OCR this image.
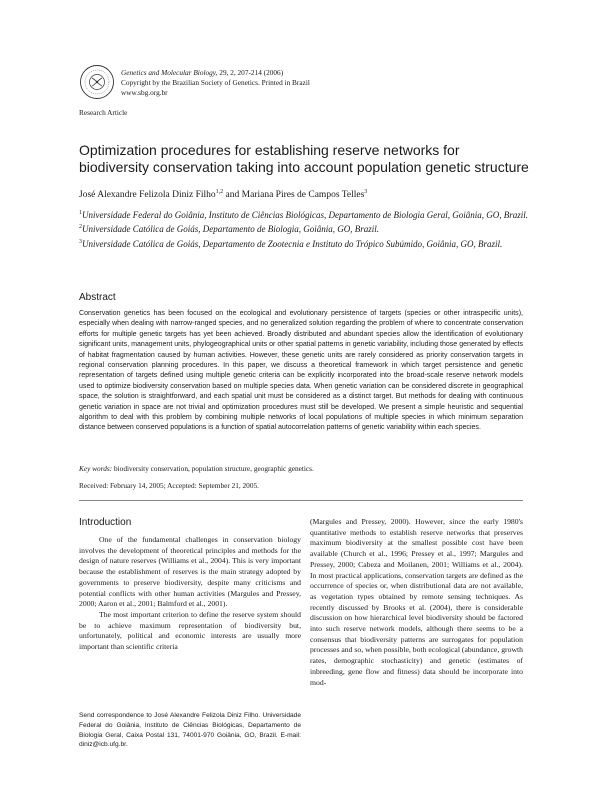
Genetics and Molecular Biology, 29, 2, 207-214 (2006)
Copyright by the Brazilian Society of Genetics. Printed in Brazil
www.sbg.org.br
Research Article
Optimization procedures for establishing reserve networks for biodiversity conservation taking into account population genetic structure
José Alexandre Felizola Diniz Filho$^{1,2}$ and Mariana Pires de Campos Telles$^3$
$^1$Universidade Federal do Goiânia, Instituto de Ciências Biológicas, Departamento de Biologia Geral, Goiânia, GO, Brazil.
$^2$Universidade Católica de Goiás, Departamento de Biologia, Goiânia, GO, Brazil.
$^3$Universidade Católica de Goiás, Departamento de Zootecnia e Instituto do Trópico Subúmido, Goiânia, GO, Brazil.
Abstract

Conservation genetics has been focused on the ecological and evolutionary persistence of targets (species or other intraspecific units), especially when dealing with narrow-ranged species, and no generalized solution regarding the problem of where to concentrate conservation efforts for multiple genetic targets has yet been achieved. Broadly distributed and abundant species allow the identification of evolutionary significant units, management units, phylogeographical units or other spatial patterns in genetic variability, including those generated by effects of habitat fragmentation caused by human activities. However, these genetic units are rarely considered as priority conservation targets in regional conservation planning procedures. In this paper, we discuss a theoretical framework in which target persistence and genetic representation of targets defined using multiple genetic criteria can be explicitly incorporated into the broad-scale reserve network models used to optimize biodiversity conservation based on multiple species data. When genetic variation can be considered discrete in geographical space, the solution is straightforward, and each spatial unit must be considered as a distinct target. But methods for dealing with continuous genetic variation in space are not trivial and optimization procedures must still be developed. We present a simple heuristic and sequential algorithm to deal with this problem by combining multiple networks of local populations of multiple species in which minimum separation distance between conserved populations is a function of spatial autocorrelation patterns of genetic variability within each species.

Key words: biodiversity conservation, population structure, geographic genetics.
Received: February 14, 2005; Accepted: September 21, 2005.
Introduction

One of the fundamental challenges in conservation biology involves the development of theoretical principles and methods for the design of nature reserves (Williams et al., 2004). This is very important because the establishment of reserves is the main strategy adopted by governments to preserve biodiversity, despite many criticisms and potential conflicts with other human activities (Margules and Pressey, 2000; Aaron et al., 2001; Balmford et al., 2001).

The most important criterion to define the reserve system should be to achieve maximum representation of biodiversity but, unfortunately, political and economic interests are usually more important than scientific criteria

(Margules and Pressey, 2000). However, since the early 1980's quantitative methods to establish reserve networks that preserves maximum biodiversity at the smallest possible cost have been available (Church et al., 1996; Pressey et al., 1997; Margules and Pressey, 2000; Cabeza and Moilanen, 2001; Williams et al., 2004). In most practical applications, conservation targets are defined as the occurrence of species or, when distributional data are not available, as vegetation types obtained by remote sensing techniques. As recently discussed by Brooks et al. (2004), there is considerable discussion on how hierarchical level biodiversity should be factored into such reserve network models, although there seems to be a consensus that biodiversity patterns are surrogates for population processes and so, when possible, both ecological (abundance, growth rates, demographic stochasticity) and genetic (estimates of inbreeding, gene flow and fitness) data should be incorporate into mod-

Send correspondence to José Alexandre Felizola Diniz Filho. Universidade Federal do Goiânia, Instituto de Ciências Biológicas, Departamento de Biologia Geral, Caixa Postal 131, 74001-970 Goiânia, GO, Brazil. E-mail: diniz@icb.ufg.br.
